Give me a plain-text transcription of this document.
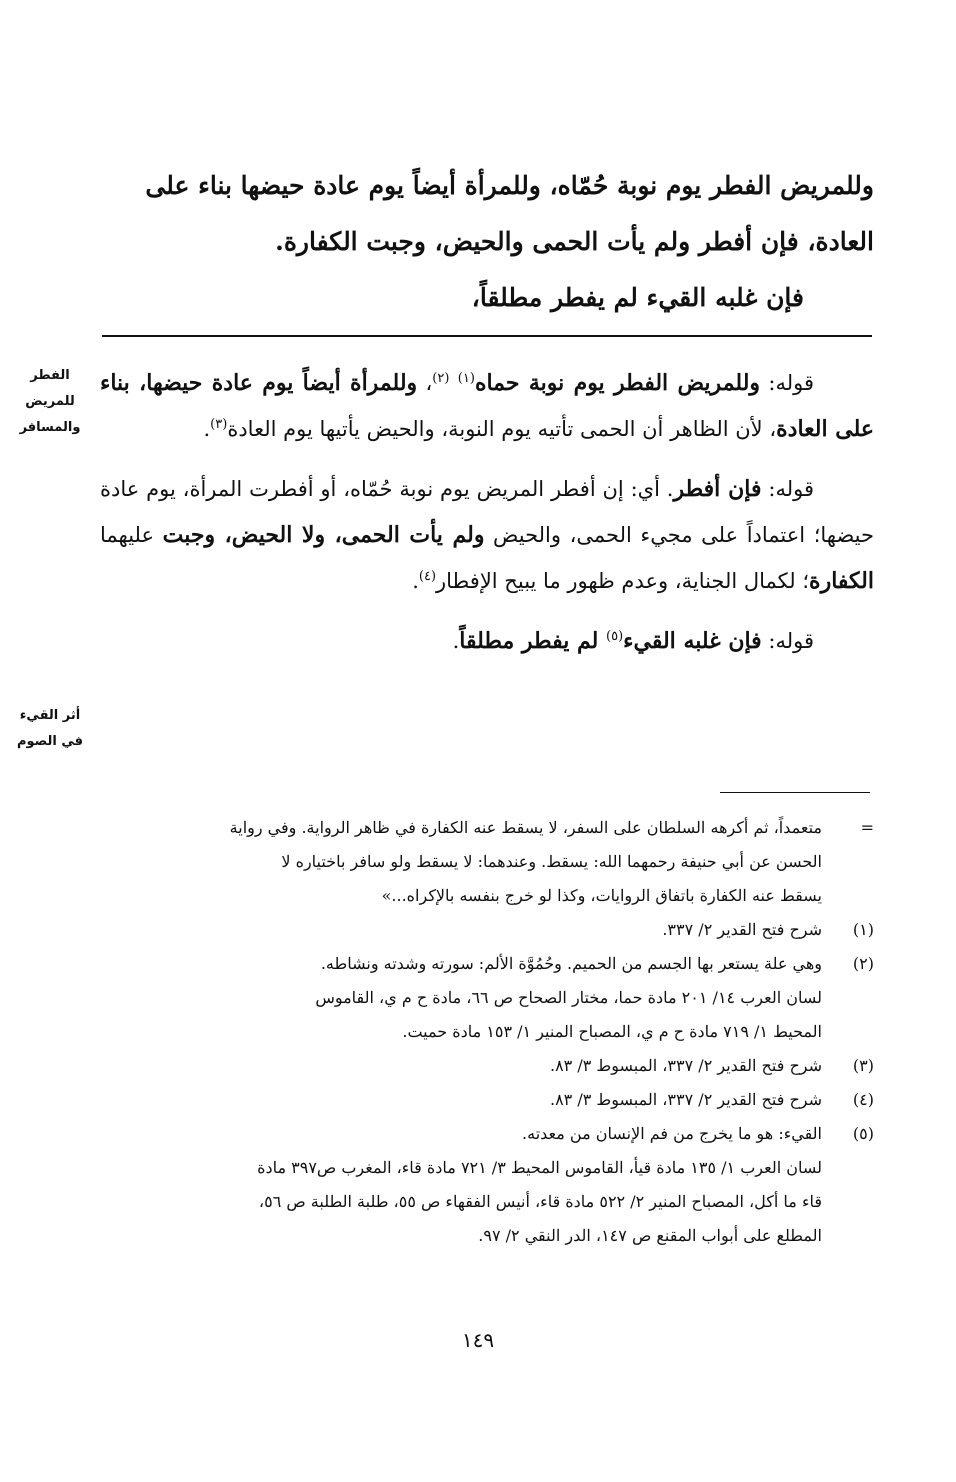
وللمريض الفطر يوم نوبة حُمّاه، وللمرأة أيضاً يوم عادة حيضها بناء على

العادة، فإن أفطر ولم يأت الحمى والحيض، وجبت الكفارة.

فإن غلبه القيء لم يفطر مطلقاً،

الفطر
للمريض
والمسافر
أثر القيء
في الصوم

قوله: وللمريض الفطر يوم نوبة حماه$^{(١)}$ $^{(٢)}$، وللمرأة أيضاً يوم عادة حيضها، بناء على العادة، لأن الظاهر أن الحمى تأتيه يوم النوبة، والحيض يأتيها يوم العادة$^{(٣)}$.

قوله: فإن أفطر. أي: إن أفطر المريض يوم نوبة حُمّاه، أو أفطرت المرأة، يوم عادة حيضها؛ اعتماداً على مجيء الحمى، والحيض ولم يأت الحمى، ولا الحيض، وجبت عليهما الكفارة؛ لكمال الجناية، وعدم ظهور ما يبيح الإفطار$^{(٤)}$.

قوله: فإن غلبه القيء$^{(٥)}$ لم يفطر مطلقاً.

=
متعمداً، ثم أكرهه السلطان على السفر، لا يسقط عنه الكفارة في ظاهر الرواية. وفي رواية
الحسن عن أبي حنيفة رحمهما الله: يسقط. وعندهما: لا يسقط ولو سافر باختياره لا
يسقط عنه الكفارة باتفاق الروايات، وكذا لو خرج بنفسه بالإكراه...»
(١)
شرح فتح القدير ٢/ ٣٣٧.
(٢)
وهي علة يستعر بها الجسم من الحميم. وحُمُوَّة الألم: سورته وشدته ونشاطه.
لسان العرب ١٤/ ٢٠١ مادة حما، مختار الصحاح ص ٦٦، مادة ح م ي، القاموس
المحيط ١/ ٧١٩ مادة ح م ي، المصباح المنير ١/ ١٥٣ مادة حميت.
(٣)
شرح فتح القدير ٢/ ٣٣٧، المبسوط ٣/ ٨٣.
(٤)
شرح فتح القدير ٢/ ٣٣٧، المبسوط ٣/ ٨٣.
(٥)
القيء: هو ما يخرج من فم الإنسان من معدته.
لسان العرب ١/ ١٣٥ مادة قيأ، القاموس المحيط ٣/ ٧٢١ مادة قاء، المغرب ص٣٩٧ مادة
قاء ما أكل، المصباح المنير ٢/ ٥٢٢ مادة قاء، أنيس الفقهاء ص ٥٥، طلبة الطلبة ص ٥٦،
المطلع على أبواب المقنع ص ١٤٧، الدر النقي ٢/ ٩٧.
١٤٩
